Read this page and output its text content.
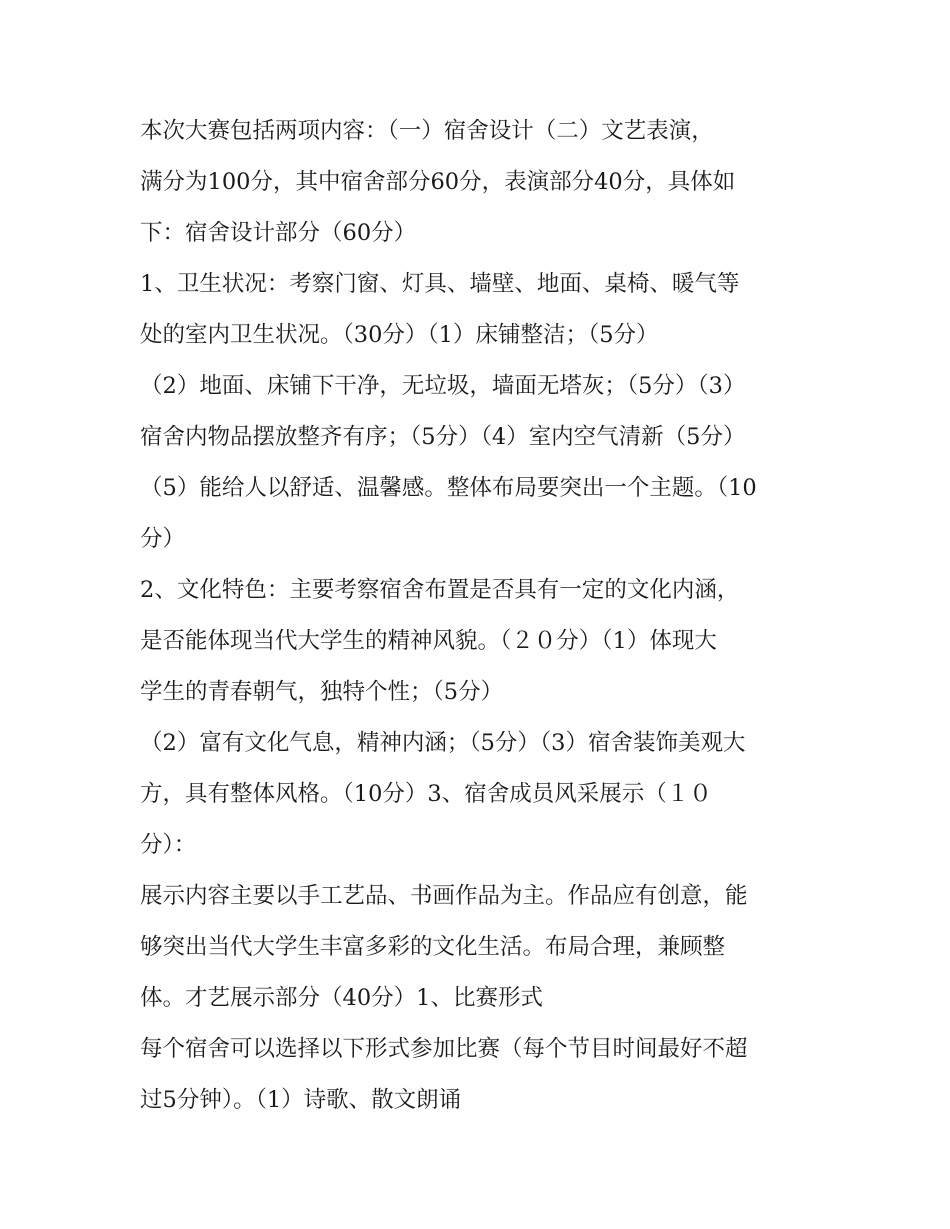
本次大赛包括两项内容：（一）宿舍设计（二）文艺表演，
满分为100分，其中宿舍部分60分，表演部分40分，具体如
下：宿舍设计部分（60分）
1、卫生状况：考察门窗、灯具、墙壁、地面、桌椅、暖气等
处的室内卫生状况。（30分）（1）床铺整洁；（5分）
（2）地面、床铺下干净，无垃圾，墙面无塔灰；（5分）（3）
宿舍内物品摆放整齐有序；（5分）（4）室内空气清新（5分）
（5）能给人以舒适、温馨感。整体布局要突出一个主题。（10
分）
2、文化特色：主要考察宿舍布置是否具有一定的文化内涵，
是否能体现当代大学生的精神风貌。（２０分）（1）体现大
学生的青春朝气，独特个性；（5分）
（2）富有文化气息，精神内涵；（5分）（3）宿舍装饰美观大
方，具有整体风格。（10分）3、宿舍成员风采展示（１０
分）：
展示内容主要以手工艺品、书画作品为主。作品应有创意，能
够突出当代大学生丰富多彩的文化生活。布局合理，兼顾整
体。才艺展示部分（40分）1、比赛形式
每个宿舍可以选择以下形式参加比赛（每个节目时间最好不超
过5分钟）。（1）诗歌、散文朗诵
